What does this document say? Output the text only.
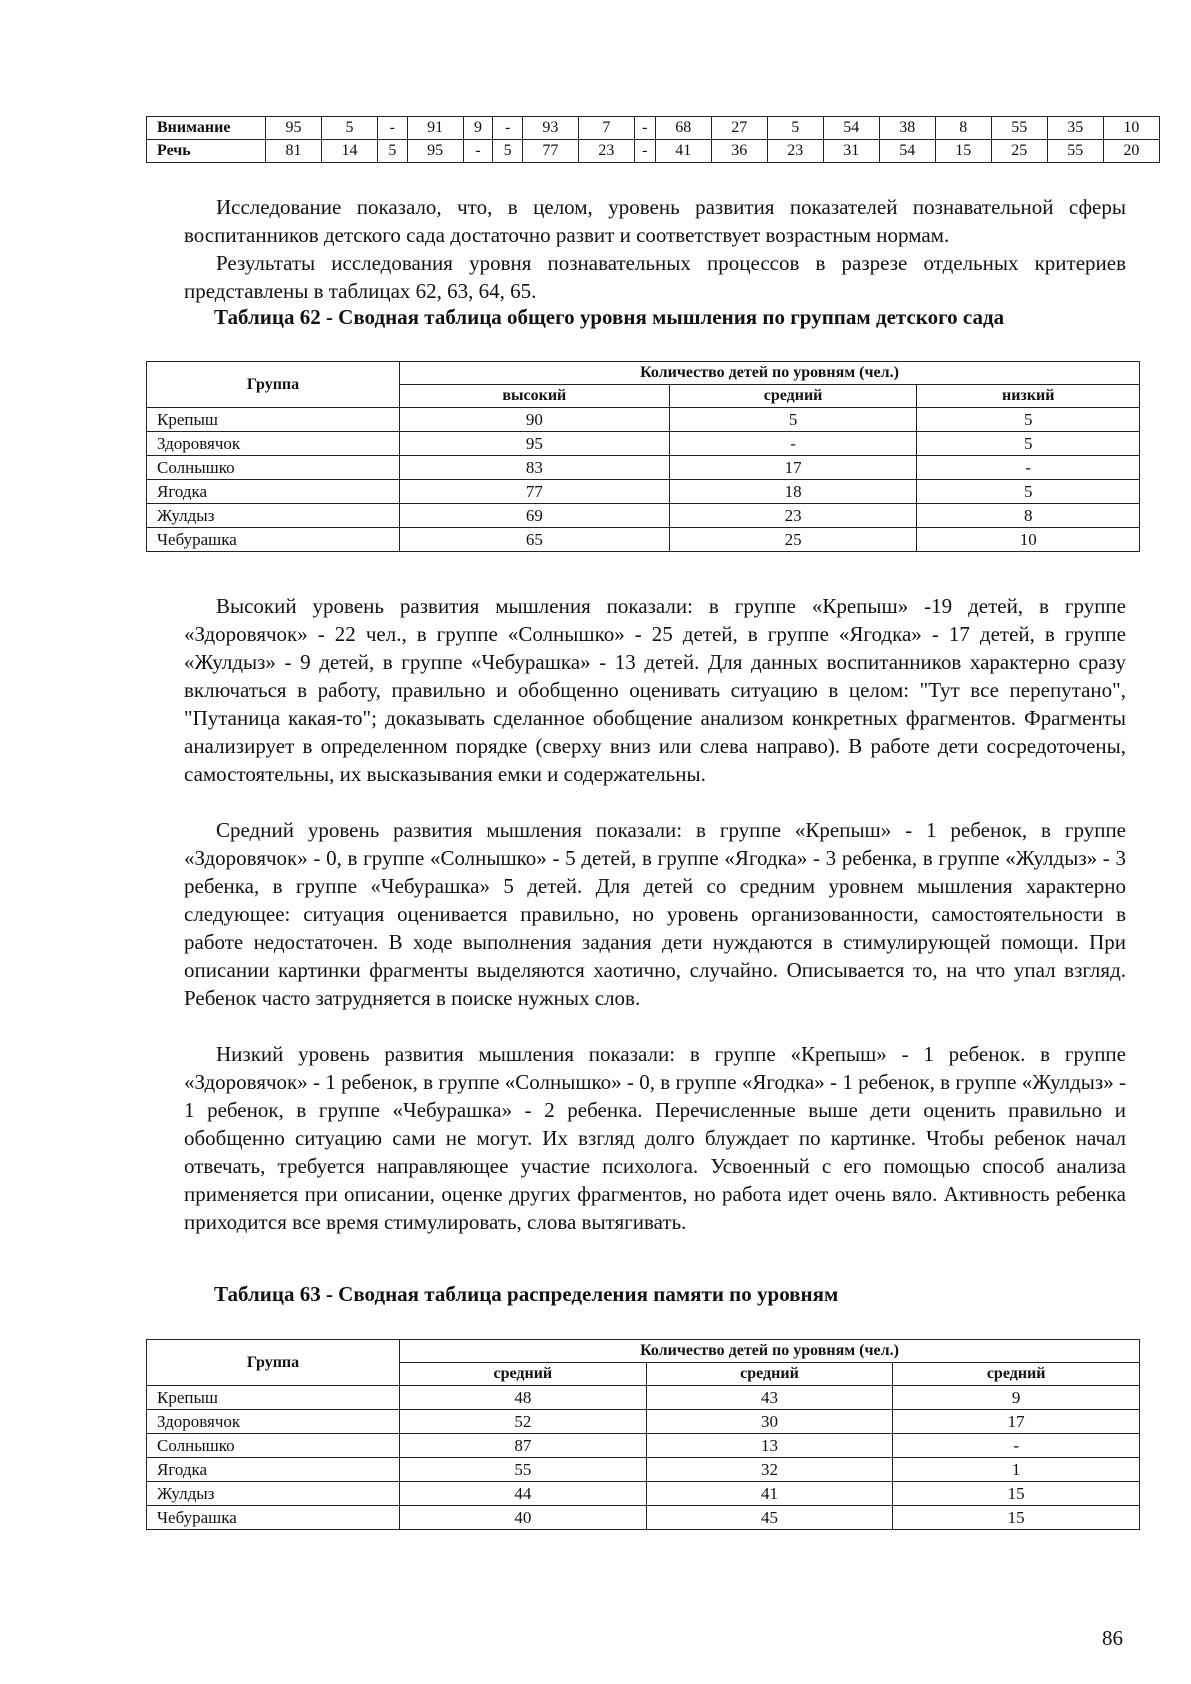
Внимание	95	5	-	91	9	-	93	7	-	68	27	5	54	38	8	55	35	10
Речь	81	14	5	95	-	5	77	23	-	41	36	23	31	54	15	25	55	20

Исследование показало, что, в целом, уровень развития показателей познавательной сферы воспитанников детского сада достаточно развит и соответствует возрастным нормам.

Результаты исследования уровня познавательных процессов в разрезе отдельных критериев представлены в таблицах 62, 63, 64, 65.

Таблица 62 - Сводная таблица общего уровня мышления по группам детского сада

Группа	Количество детей по уровням (чел.)		
	высокий	средний	низкий
Крепыш	90	5	5
Здоровячок	95	-	5
Солнышко	83	17	-
Ягодка	77	18	5
Жулдыз	69	23	8
Чебурашка	65	25	10

Высокий уровень развития мышления показали: в группе «Крепыш» -19 детей, в группе «Здоровячок» - 22 чел., в группе «Солнышко» - 25 детей, в группе «Ягодка» - 17 детей, в группе «Жулдыз» - 9 детей, в группе «Чебурашка» - 13 детей. Для данных воспитанников характерно сразу включаться в работу, правильно и обобщенно оценивать ситуацию в целом: "Тут все перепутано", "Путаница какая-то"; доказывать сделанное обобщение анализом конкретных фрагментов. Фрагменты анализирует в определенном порядке (сверху вниз или слева направо). В работе дети сосредоточены, самостоятельны, их высказывания емки и содержательны.

Средний уровень развития мышления показали: в группе «Крепыш» - 1 ребенок, в группе «Здоровячок» - 0, в группе «Солнышко» - 5 детей, в группе «Ягодка» - 3 ребенка, в группе «Жулдыз» - 3 ребенка, в группе «Чебурашка» 5 детей. Для детей со средним уровнем мышления характерно следующее: ситуация оценивается правильно, но уровень организованности, самостоятельности в работе недостаточен. В ходе выполнения задания дети нуждаются в стимулирующей помощи. При описании картинки фрагменты выделяются хаотично, случайно. Описывается то, на что упал взгляд. Ребенок часто затрудняется в поиске нужных слов.

Низкий уровень развития мышления показали: в группе «Крепыш» - 1 ребенок. в группе «Здоровячок» - 1 ребенок, в группе «Солнышко» - 0, в группе «Ягодка» - 1 ребенок, в группе «Жулдыз» - 1 ребенок, в группе «Чебурашка» - 2 ребенка. Перечисленные выше дети оценить правильно и обобщенно ситуацию сами не могут. Их взгляд долго блуждает по картинке. Чтобы ребенок начал отвечать, требуется направляющее участие психолога. Усвоенный с его помощью способ анализа применяется при описании, оценке других фрагментов, но работа идет очень вяло. Активность ребенка приходится все время стимулировать, слова вытягивать.

Таблица 63 - Сводная таблица распределения памяти по уровням

Группа	Количество детей по уровням (чел.)		
	средний	средний	средний
Крепыш	48	43	9
Здоровячок	52	30	17
Солнышко	87	13	-
Ягодка	55	32	1
Жулдыз	44	41	15
Чебурашка	40	45	15
86
